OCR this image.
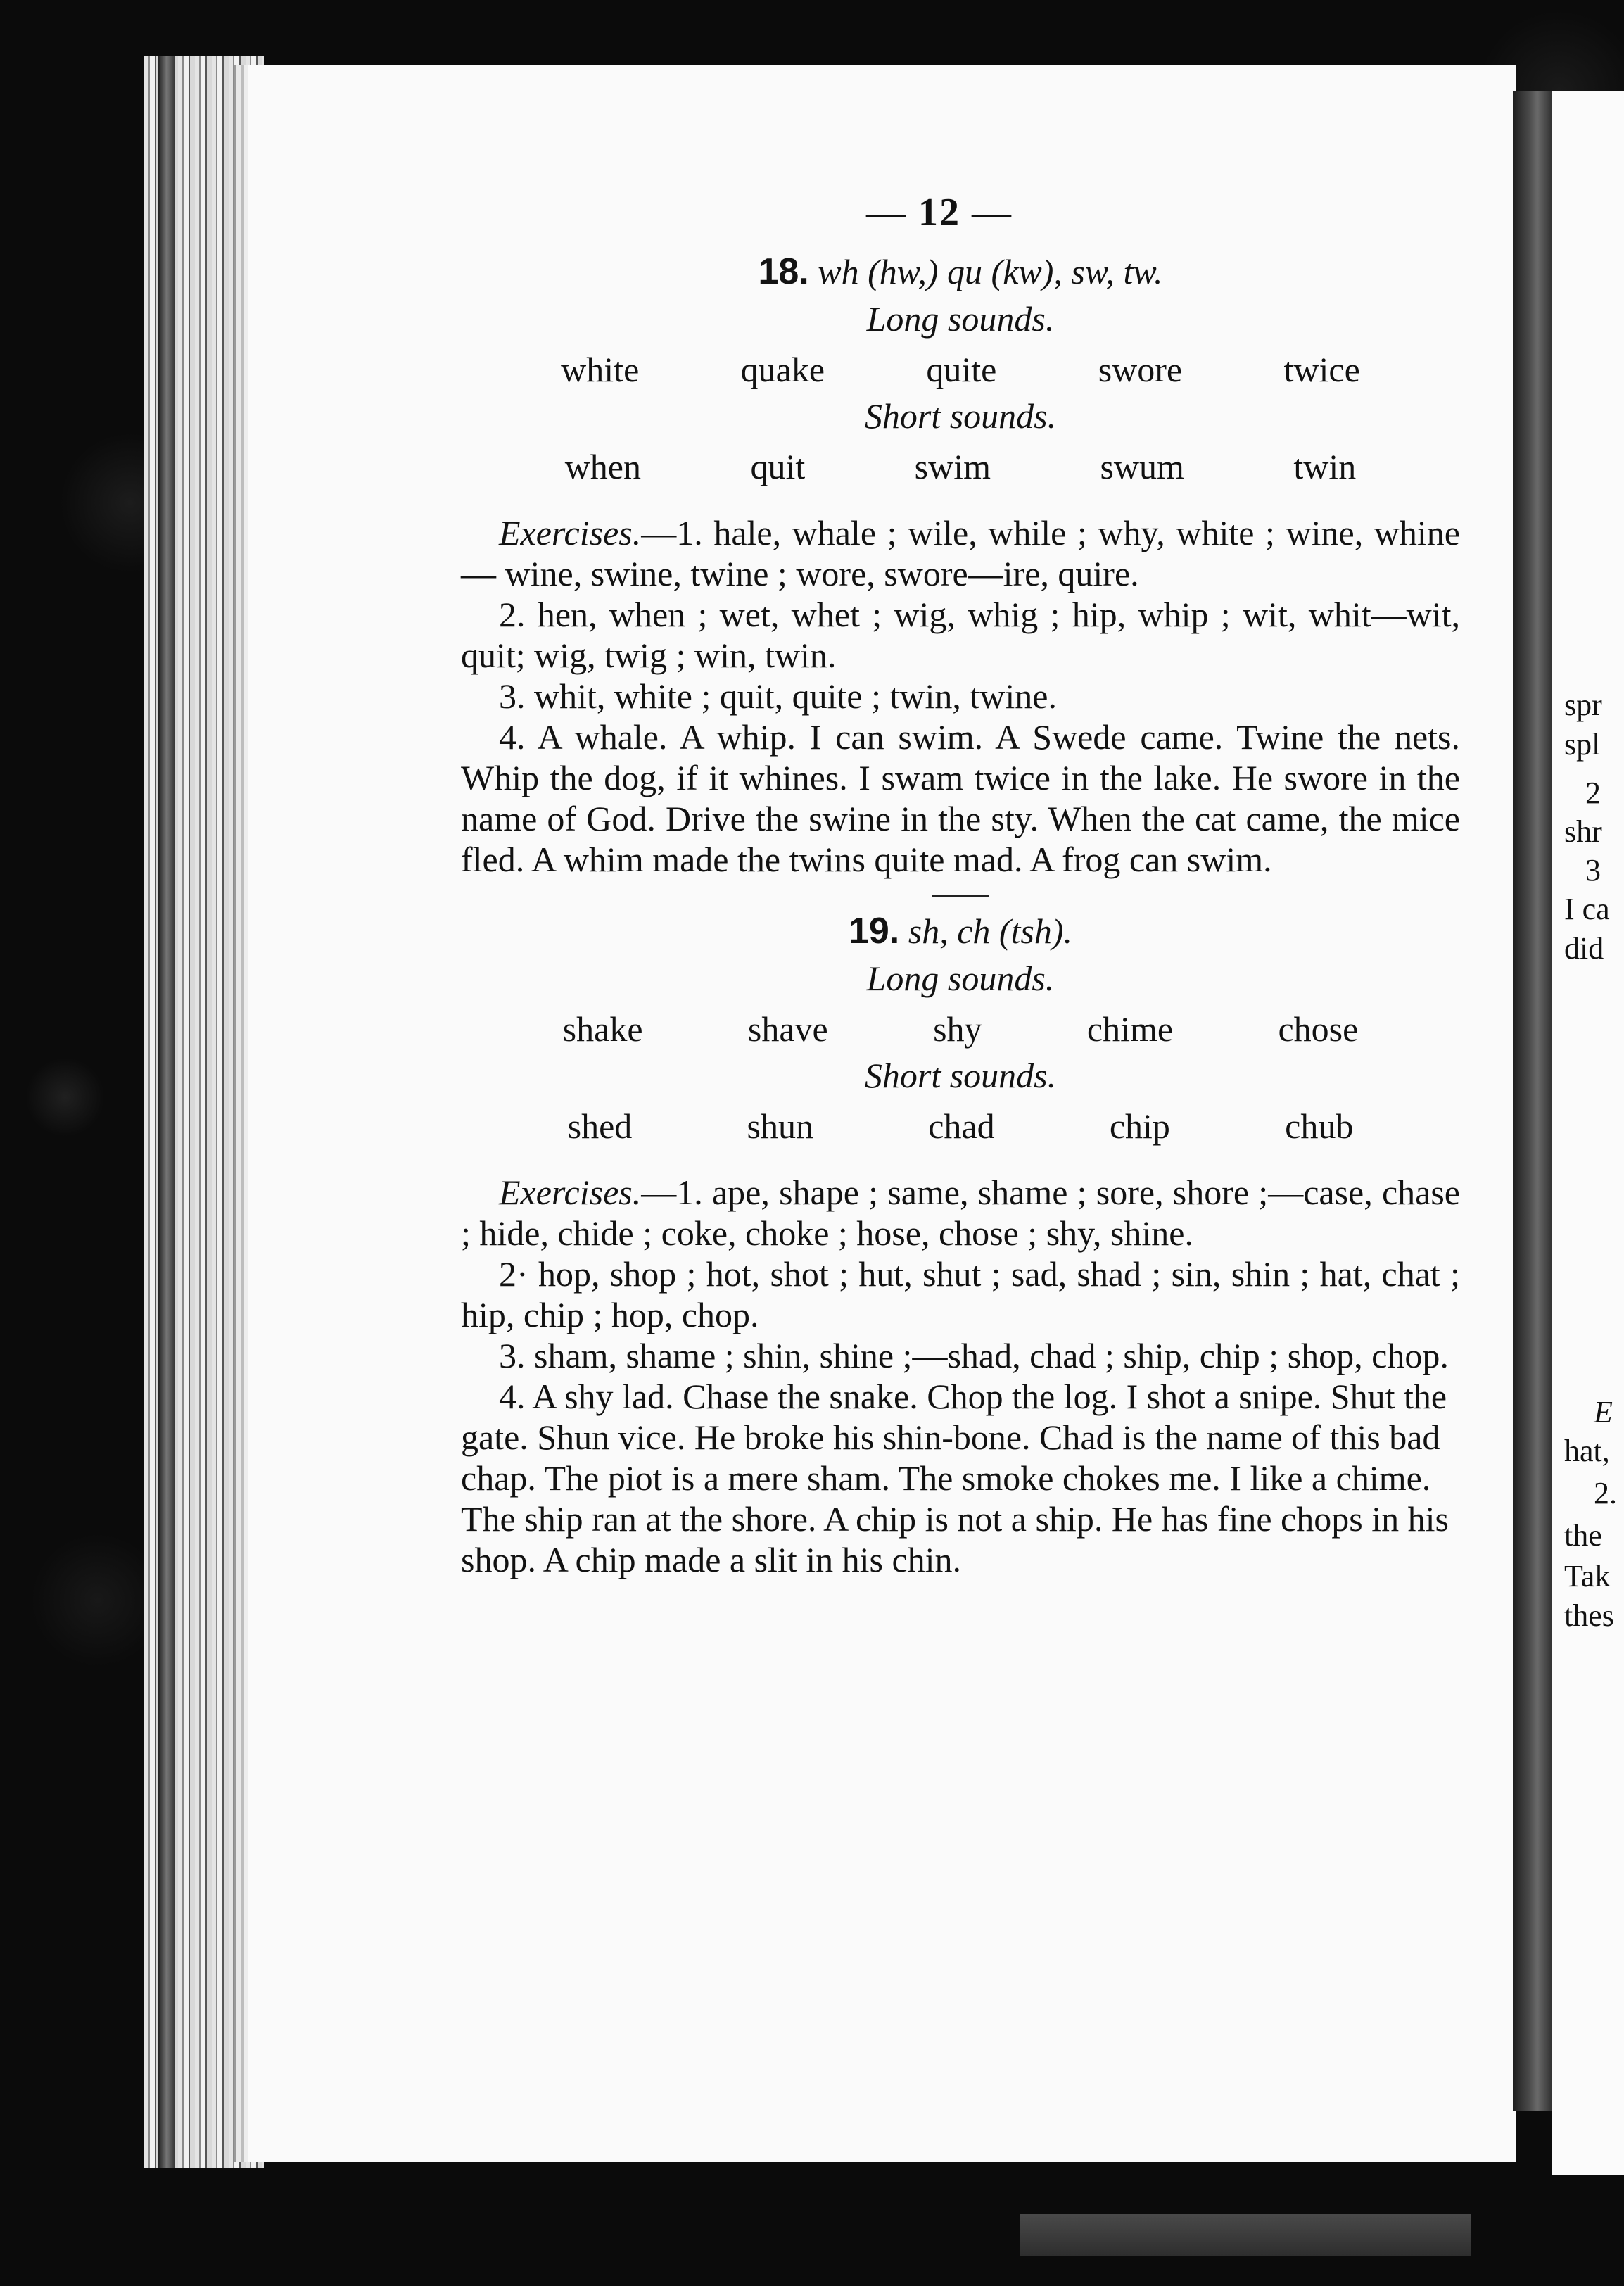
spr
spl
2
shr
3
I ca
did
E
hat,
2.
the
Tak
thes
— 12 —
18. wh (hw,) qu (kw), sw, tw.
Long sounds.
white	quake	quite	swore	twice
Short sounds.
when	quit	swim	swum	twin

Exercises.—1. hale, whale ; wile, while ; why, white ; wine, whine — wine, swine, twine ; wore, swore—ire, quire.

2. hen, when ; wet, whet ; wig, whig ; hip, whip ; wit, whit—wit, quit; wig, twig ; win, twin.

3. whit, white ; quit, quite ; twin, twine.

4. A whale. A whip. I can swim. A Swede came. Twine the nets. Whip the dog, if it whines. I swam twice in the lake. He swore in the name of God. Drive the swine in the sty. When the cat came, the mice fled. A whim made the twins quite mad. A frog can swim.

19. sh, ch (tsh).
Long sounds.
shake	shave	shy	chime	chose
Short sounds.
shed	shun	chad	chip	chub

Exercises.—1. ape, shape ; same, shame ; sore, shore ;—case, chase ; hide, chide ; coke, choke ; hose, chose ; shy, shine.

2· hop, shop ; hot, shot ; hut, shut ; sad, shad ; sin, shin ; hat, chat ; hip, chip ; hop, chop.

3. sham, shame ; shin, shine ;—shad, chad ; ship, chip ; shop, chop.

4. A shy lad. Chase the snake. Chop the log. I shot a snipe. Shut the gate. Shun vice. He broke his shin-bone. Chad is the name of this bad chap. The piot is a mere sham. The smoke chokes me. I like a chime. The ship ran at the shore. A chip is not a ship. He has fine chops in his shop. A chip made a slit in his chin.
